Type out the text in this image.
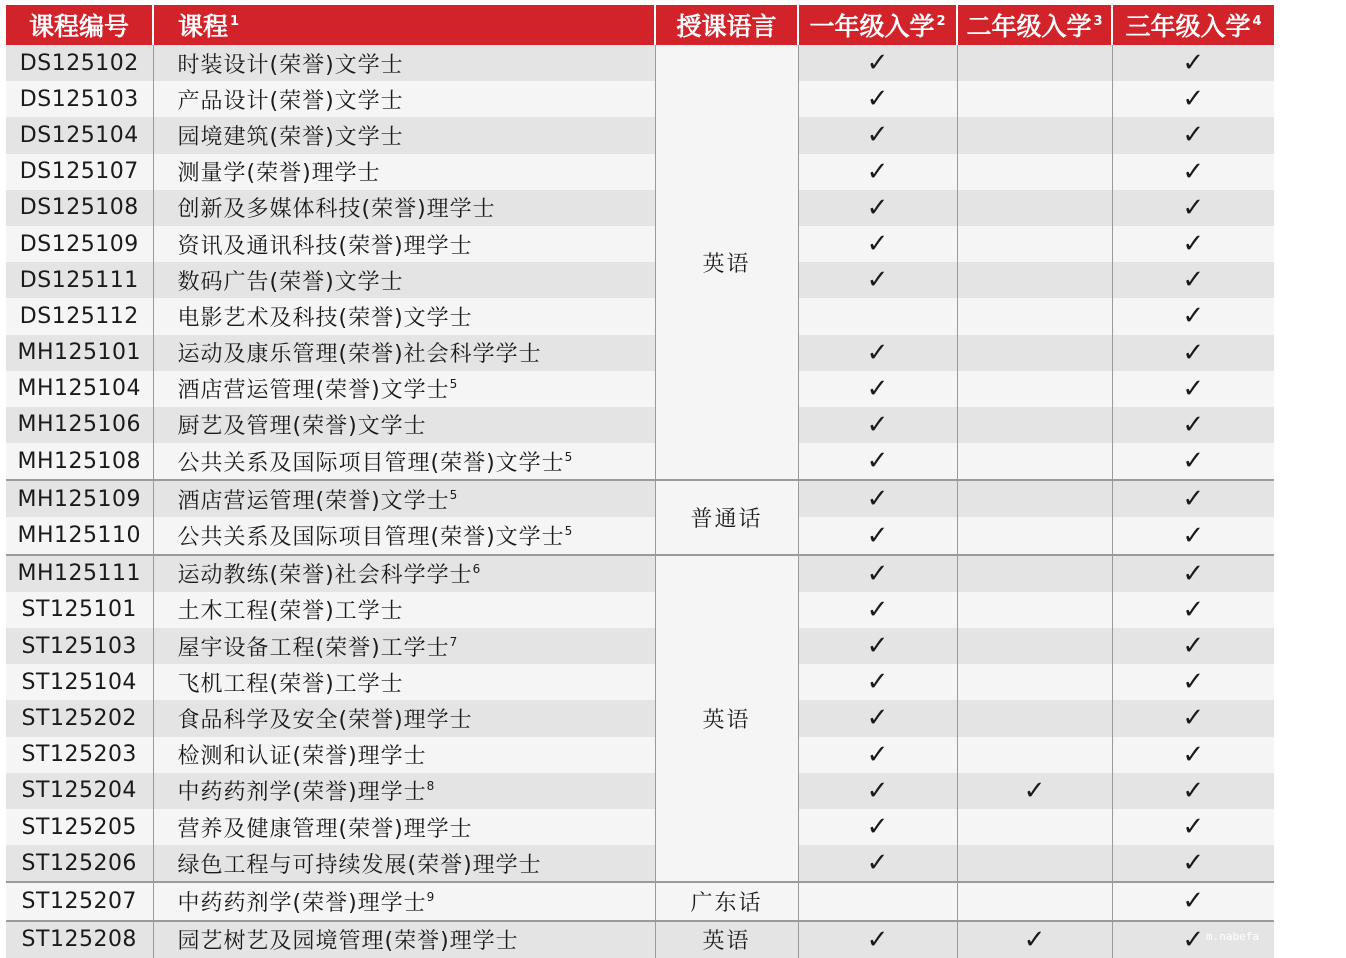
课程编号	课程 $^1$	授课语言	一年级入学 $^2$	二年级入学 $^3$	三年级入学 $^4$
DS125102	时装设计(荣誉)文学士	英语	✓		✓
DS125103	产品设计(荣誉)文学士		✓		✓
DS125104	园境建筑(荣誉)文学士		✓		✓
DS125107	测量学(荣誉)理学士		✓		✓
DS125108	创新及多媒体科技(荣誉)理学士		✓		✓
DS125109	资讯及通讯科技(荣誉)理学士		✓		✓
DS125111	数码广告(荣誉)文学士		✓		✓
DS125112	电影艺术及科技(荣誉)文学士				✓
MH125101	运动及康乐管理(荣誉)社会科学学士		✓		✓
MH125104	酒店营运管理(荣誉)文学士$^5$		✓		✓
MH125106	厨艺及管理(荣誉)文学士		✓		✓
MH125108	公共关系及国际项目管理(荣誉)文学士$^5$		✓		✓
MH125109	酒店营运管理(荣誉)文学士$^5$	普通话	✓		✓
MH125110	公共关系及国际项目管理(荣誉)文学士$^5$		✓		✓
MH125111	运动教练(荣誉)社会科学学士$^6$	英语	✓		✓
ST125101	土木工程(荣誉)工学士		✓		✓
ST125103	屋宇设备工程(荣誉)工学士$^7$		✓		✓
ST125104	飞机工程(荣誉)工学士		✓		✓
ST125202	食品科学及安全(荣誉)理学士		✓		✓
ST125203	检测和认证(荣誉)理学士		✓		✓
ST125204	中药药剂学(荣誉)理学士$^8$		✓	✓	✓
ST125205	营养及健康管理(荣誉)理学士		✓		✓
ST125206	绿色工程与可持续发展(荣誉)理学士		✓		✓
ST125207	中药药剂学(荣誉)理学士$^9$	广东话			✓
ST125208	园艺树艺及园境管理(荣誉)理学士	英语	✓	✓	✓ m.nabefa
